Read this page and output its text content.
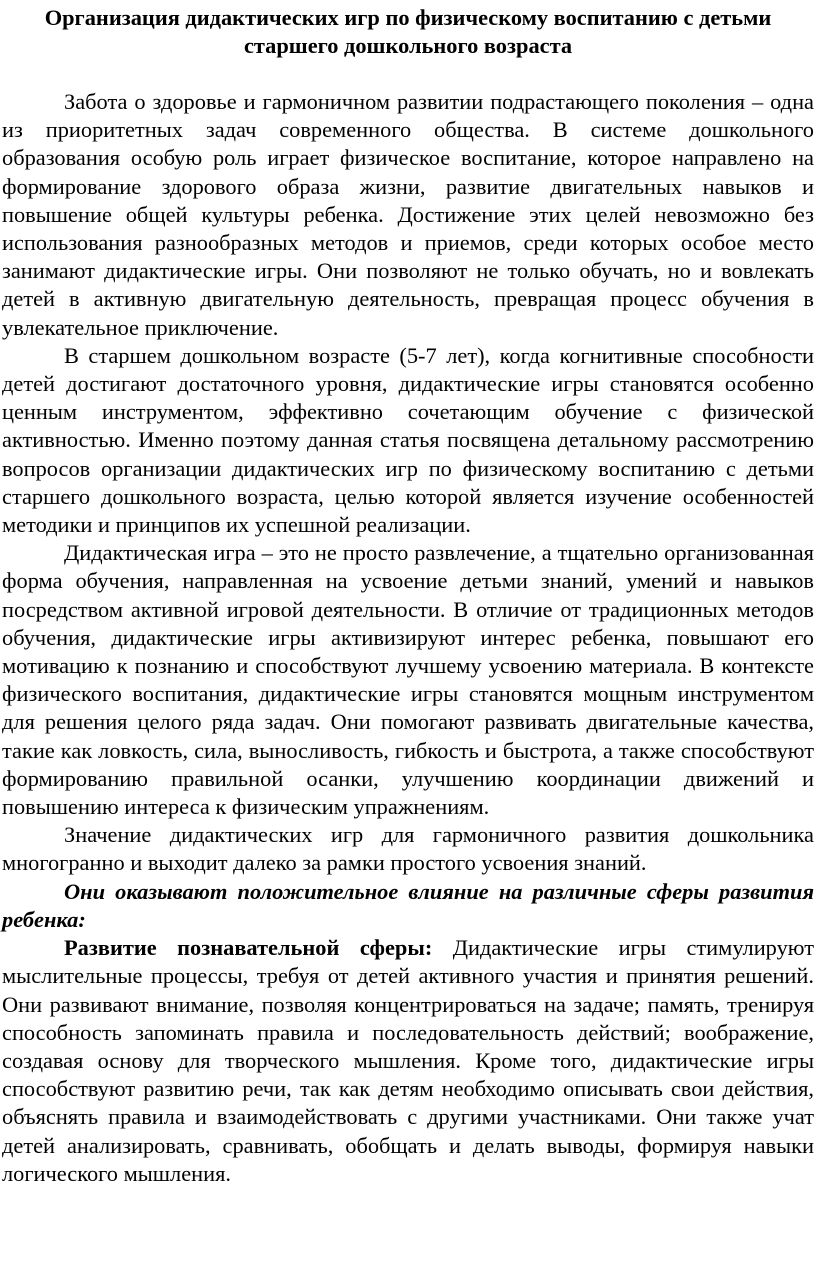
Организация дидактических игр по физическому воспитанию с детьми
старшего дошкольного возраста

Забота о здоровье и гармоничном развитии подрастающего поколения – одна из приоритетных задач современного общества. В системе дошкольного образования особую роль играет физическое воспитание, которое направлено на формирование здорового образа жизни, развитие двигательных навыков и повышение общей культуры ребенка. Достижение этих целей невозможно без использования разнообразных методов и приемов, среди которых особое место занимают дидактические игры. Они позволяют не только обучать, но и вовлекать детей в активную двигательную деятельность, превращая процесс обучения в увлекательное приключение.

В старшем дошкольном возрасте (5-7 лет), когда когнитивные способности детей достигают достаточного уровня, дидактические игры становятся особенно ценным инструментом, эффективно сочетающим обучение с физической активностью. Именно поэтому данная статья посвящена детальному рассмотрению вопросов организации дидактических игр по физическому воспитанию с детьми старшего дошкольного возраста, целью которой является изучение особенностей методики и принципов их успешной реализации.

Дидактическая игра – это не просто развлечение, а тщательно организованная форма обучения, направленная на усвоение детьми знаний, умений и навыков посредством активной игровой деятельности. В отличие от традиционных методов обучения, дидактические игры активизируют интерес ребенка, повышают его мотивацию к познанию и способствуют лучшему усвоению материала. В контексте физического воспитания, дидактические игры становятся мощным инструментом для решения целого ряда задач. Они помогают развивать двигательные качества, такие как ловкость, сила, выносливость, гибкость и быстрота, а также способствуют формированию правильной осанки, улучшению координации движений и повышению интереса к физическим упражнениям.

Значение дидактических игр для гармоничного развития дошкольника многогранно и выходит далеко за рамки простого усвоения знаний.

Они оказывают положительное влияние на различные сферы развития ребенка:

Развитие познавательной сферы: Дидактические игры стимулируют мыслительные процессы, требуя от детей активного участия и принятия решений. Они развивают внимание, позволяя концентрироваться на задаче; память, тренируя способность запоминать правила и последовательность действий; воображение, создавая основу для творческого мышления. Кроме того, дидактические игры способствуют развитию речи, так как детям необходимо описывать свои действия, объяснять правила и взаимодействовать с другими участниками. Они также учат детей анализировать, сравнивать, обобщать и делать выводы, формируя навыки логического мышления.
